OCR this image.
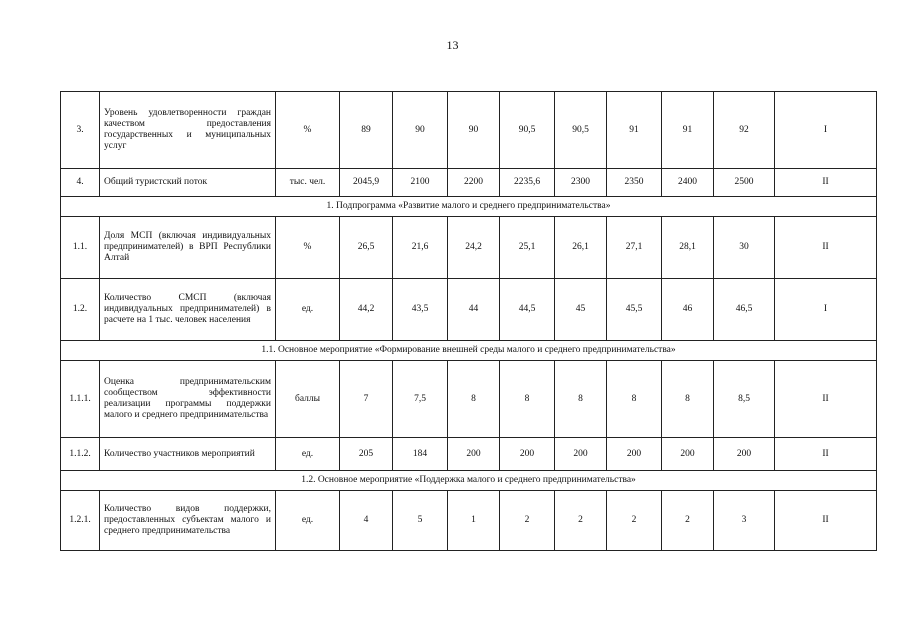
13
3.	Уровень удовлетворенности граждан качеством предоставления государственных и муниципальных услуг	%	89	90	90	90,5	90,5	91	91	92	I
4.	Общий туристский поток	тыс. чел.	2045,9	2100	2200	2235,6	2300	2350	2400	2500	II
1. Подпрограмма «Развитие малого и среднего предпринимательства»											
1.1.	Доля МСП (включая индивидуальных предпринимателей) в ВРП Республики Алтай	%	26,5	21,6	24,2	25,1	26,1	27,1	28,1	30	II
1.2.	Количество СМСП (включая индивидуальных предпринимателей) в расчете на 1 тыс. человек населения	ед.	44,2	43,5	44	44,5	45	45,5	46	46,5	I
1.1. Основное мероприятие «Формирование внешней среды малого и среднего предпринимательства»											
1.1.1.	Оценка предпринимательским сообществом эффективности реализации программы поддержки малого и среднего предпринимательства	баллы	7	7,5	8	8	8	8	8	8,5	II
1.1.2.	Количество участников мероприятий	ед.	205	184	200	200	200	200	200	200	II
1.2. Основное мероприятие «Поддержка малого и среднего предпринимательства»											
1.2.1.	Количество видов поддержки, предоставленных субъектам малого и среднего предпринимательства	ед.	4	5	1	2	2	2	2	3	II
